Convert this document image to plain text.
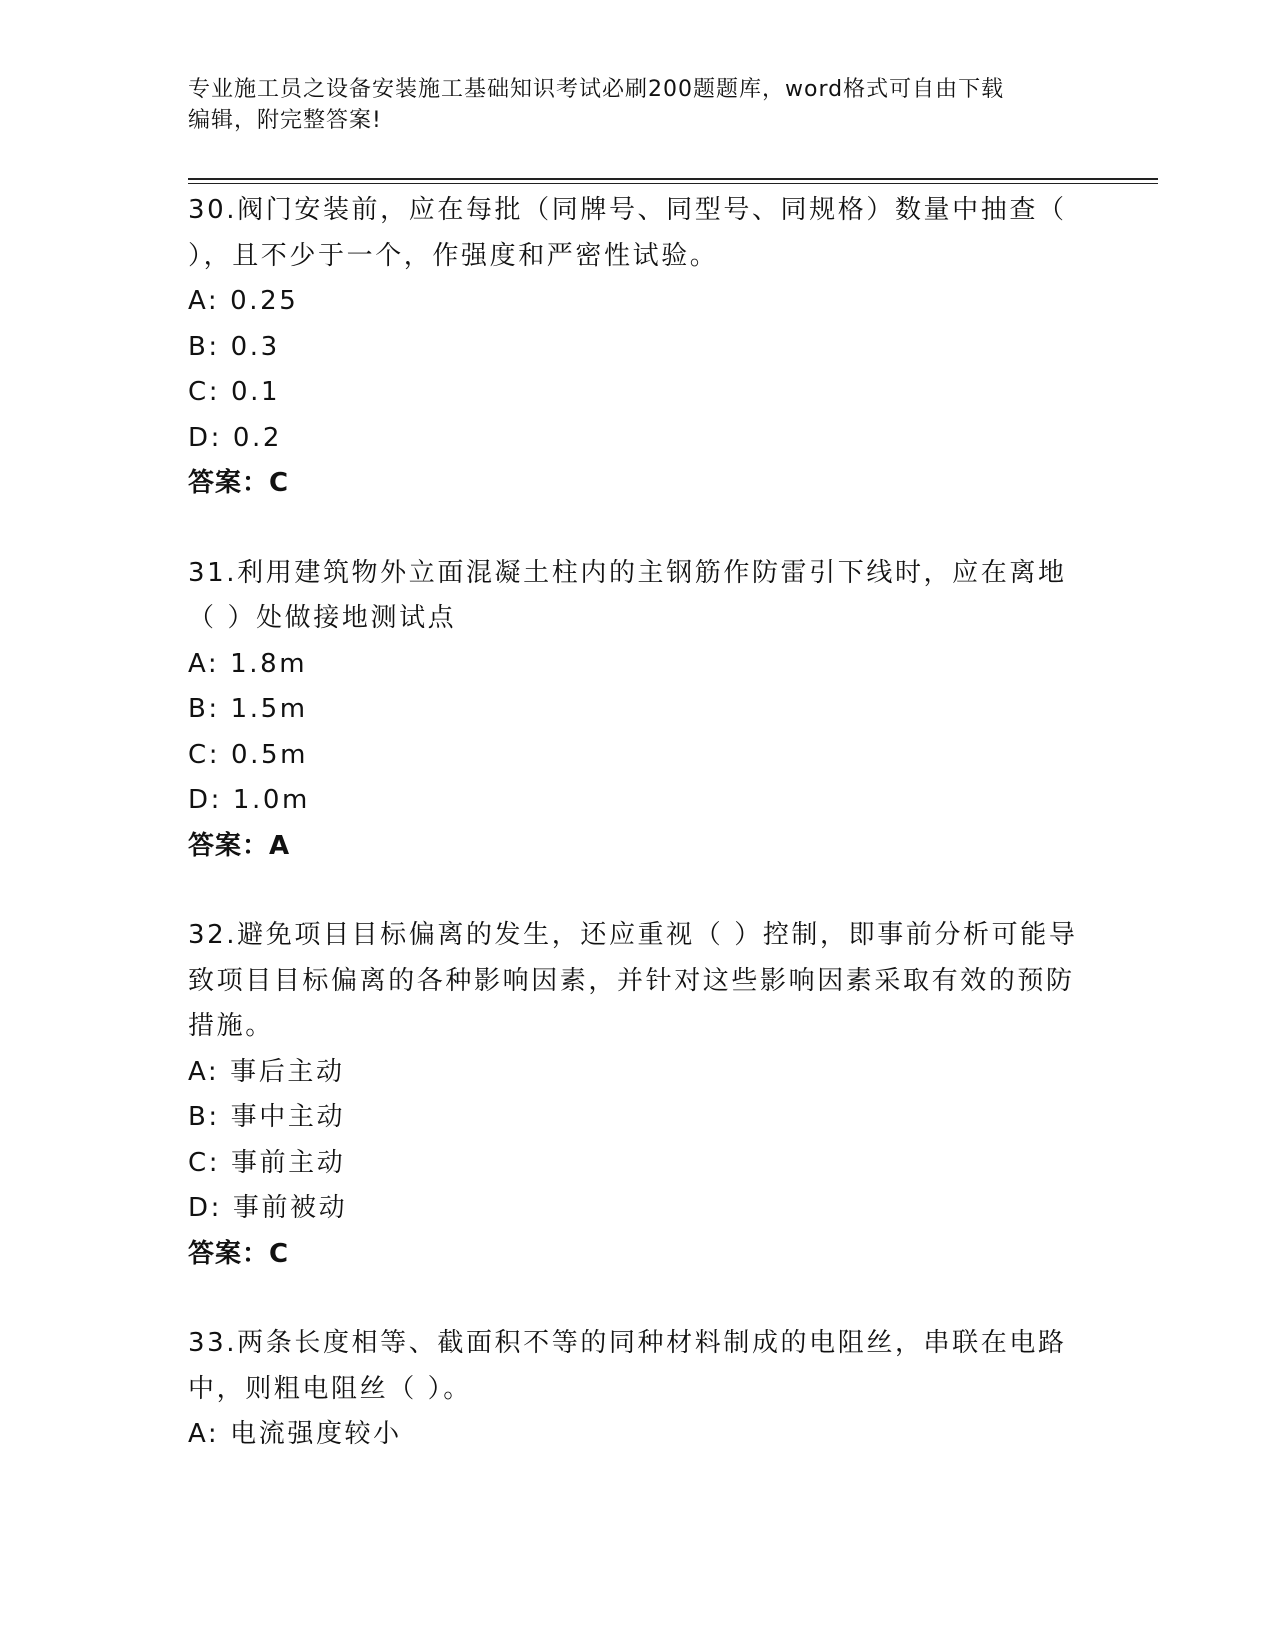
专业施工员之设备安装施工基础知识考试必刷200题题库，word格式可自由下载
编辑，附完整答案!

30.阀门安装前，应在每批（同牌号、同型号、同规格）数量中抽查（ ），且不少于一个，作强度和严密性试验。

A: 0.25

B: 0.3

C: 0.1

D: 0.2

答案：C

31.利用建筑物外立面混凝土柱内的主钢筋作防雷引下线时，应在离地（ ）处做接地测试点

A: 1.8m

B: 1.5m

C: 0.5m

D: 1.0m

答案：A

32.避免项目目标偏离的发生，还应重视（ ）控制，即事前分析可能导致项目目标偏离的各种影响因素，并针对这些影响因素采取有效的预防措施。

A: 事后主动

B: 事中主动

C: 事前主动

D: 事前被动

答案：C

33.两条长度相等、截面积不等的同种材料制成的电阻丝，串联在电路中，则粗电阻丝（ ）。

A: 电流强度较小
